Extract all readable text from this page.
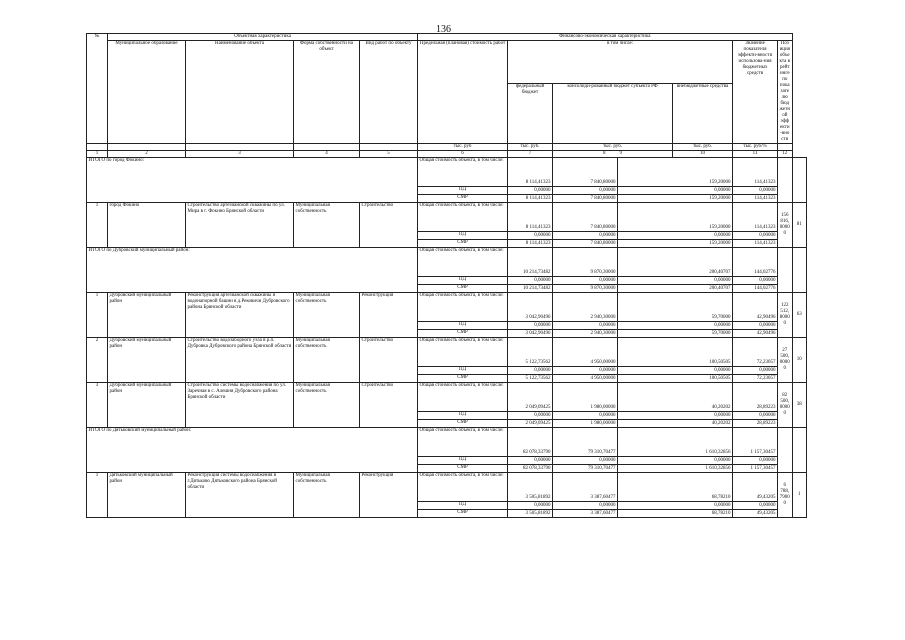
136
№	Объектная характеристика				Финансово-экономическая характеристика							
	Муниципальное образование	Наименование объекта	Форма собственности на объект	Вид работ по объекту	Предельная (плановая) стоимость работ	в том числе:				Значение показателя эффекти-вности использова-ния бюджетных средств	Позиция объекта в рейтинге по показателю бюджетной эффекти-вности	
						федеральный бюджет	консолиди-рованный бюджет субъекта РФ		внебюджетные средства			
					тыс. руб	тыс. руб.	тыс. руб.		тыс. руб.	тыс. руб/%		
1	2	3	4	5	6	7	8 9		10	11	12	
ИТОГО по город Фокино:					Общая стоимость объекта, в том числе:	8 114,41323	7 840,80000	159,20000		114,41323		
					ПД	0,00000	0,00000	0,00000		0,00000		
					СМР	8 114,41323	7 840,80000	159,20000		114,41323		
1	город Фокино	Строительство артезианской скважины по ул. Мира в г. Фокино Брянской области	Муниципальная собственность	Строительство	Общая стоимость объекта, в том числе:	8 114,41323	7 840,80000	159,20000		114,41323	156 816,00000	81
					ПД	0,00000	0,00000	0,00000		0,00000		
					СМР	8 114,41323	7 840,80000	159,20000		114,41323		
ИТОГО по Дубровский муниципальный район:					Общая стоимость объекта, в том числе:	10 214,73482	9 870,30000	200,40707		144,02776		
					ПД	0,00000	0,00000	0,00000		0,00000		
					СМР	10 214,73482	9 870,30000	200,40707		144,02776		
1	Дубровский муниципальный район	Реконструкция артезианской скважины и водонапорной башни в д.Рековичи Дубровского района Брянской области	Муниципальная собственность	Реконструкция	Общая стоимость объекта, в том числе:	3 042,90496	2 940,30000	59,70000		42,90496	122 512,80000	63
					ПД	0,00000	0,00000	0,00000		0,00000		
					СМР	3 042,90496	2 940,30000	59,70000		42,90496		
2	Дубровский муниципальный район	Строительство водозаборного узла в р.п. Дубровка Дубровского района Брянской области	Муниципальная собственность	Строительство	Общая стоимость объекта, в том числе:	5 122,73562	4 950,00000	100,50505		72,23057	27 500,00000	10
					ПД	0,00000	0,00000	0,00000		0,00000		
					СМР	5 122,73562	4 950,00000	100,50505		72,23057		
3	Дубровский муниципальный район	Строительство системы водоснабжения по ул. Заречная в с. Алешня Дубровского района Брянской области	Муниципальная собственность	Строительство	Общая стоимость объекта, в том числе:	2 049,09425	1 980,00000	40,20202		28,89223	82 500,00000	38
					ПД	0,00000	0,00000	0,00000		0,00000		
					СМР	2 049,09425	1 980,00000	40,20202		28,89223		
ИТОГО по Дятьковский муниципальный район:					Общая стоимость объекта, в том числе:	82 078,33790	79 310,70477	1 610,32856		1 157,30457		
					ПД	0,00000	0,00000	0,00000		0,00000		
					СМР	82 078,33790	79 310,70477	1 610,32856		1 157,30457		
1	Дятьковский муниципальный район	Реконструкция системы водоснабжения в г.Дятьково Дятьковского района Брянской области	Муниципальная собственность	Реконструкция	Общая стоимость объекта, в том числе:	3 505,81892	3 387,60477	68,78210		49,43205	6 788,79000	1
					ПД	0,00000	0,00000	0,00000		0,00000		
					СМР	3 505,81892	3 387,60477	68,78210		49,43205		
